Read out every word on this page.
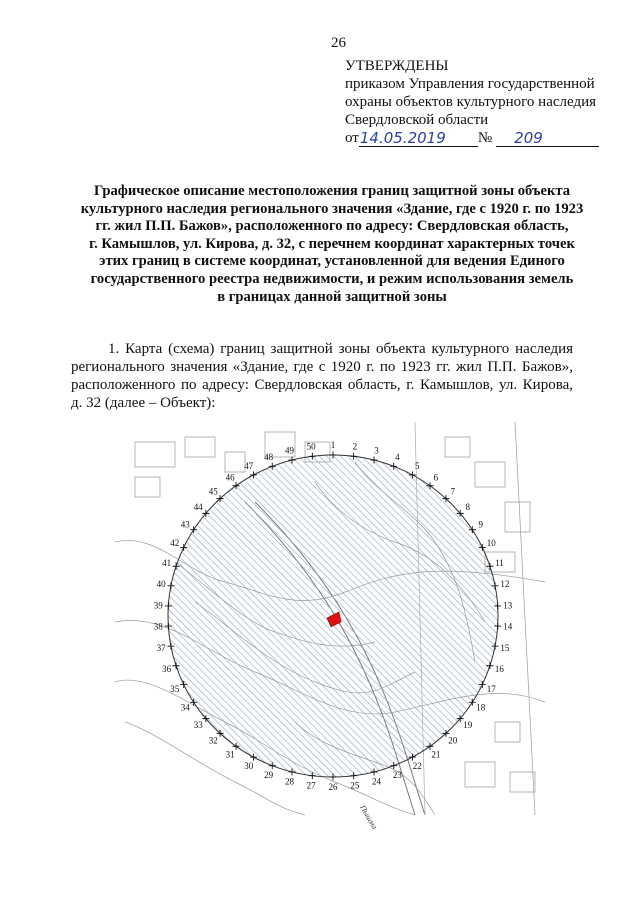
26
УТВЕРЖДЕНЫ
приказом Управления государственной
охраны объектов культурного наследия
Свердловской области
от 14.05.2019	№	209
Графическое описание местоположения границ защитной зоны объекта
культурного наследия регионального значения «Здание, где с 1920 г. по 1923
гг. жил П.П. Бажов», расположенного по адресу: Свердловская область,
г. Камышлов, ул. Кирова, д. 32, с перечнем координат характерных точек
этих границ в системе координат, установленной для ведения Единого
государственного реестра недвижимости, и режим использования земель
в границах данной защитной зоны
1. Карта (схема) границ защитной зоны объекта культурного наследия регионального значения «Здание, где с 1920 г. по 1923 гг. жил П.П. Бажов», расположенного по адресу: Свердловская область, г. Камышлов, ул. Кирова, д. 32 (далее – Объект):
1 2 3
4
5
6
7
8
9
10
11
12
13
14
15
16
17
18
19
20
21
22
23
24
25
26
27
28
29
30
31
32
33
34
35
36
37
38
39
40
41
42
43
44
45
46
47
48
49 50
Пышма
